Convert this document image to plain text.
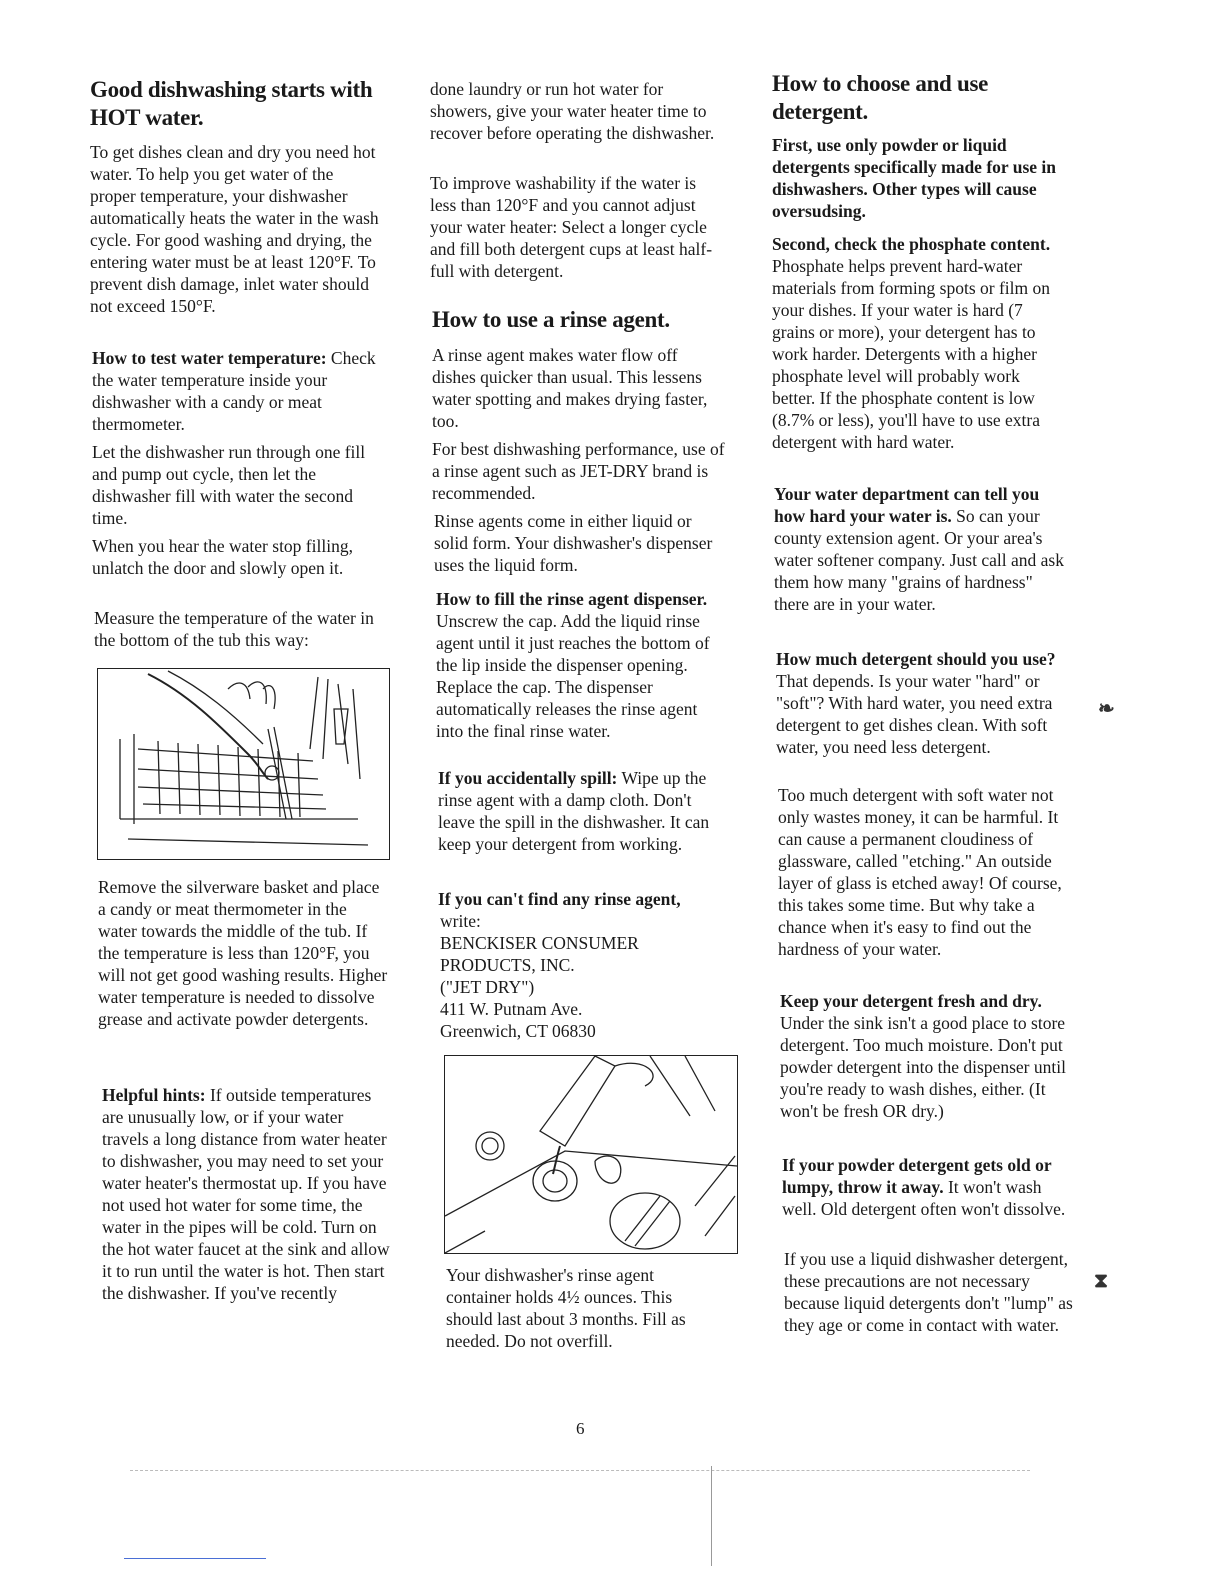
Good dishwashing starts with HOT water.

To get dishes clean and dry you need hot water. To help you get water of the proper temperature, your dishwasher automatically heats the water in the wash cycle. For good washing and drying, the entering water must be at least 120°F. To prevent dish damage, inlet water should not exceed 150°F.

How to test water temperature: Check the water temperature inside your dishwasher with a candy or meat thermometer.

Let the dishwasher run through one fill and pump out cycle, then let the dishwasher fill with water the second time.

When you hear the water stop filling, unlatch the door and slowly open it.

Measure the temperature of the water in the bottom of the tub this way:

Remove the silverware basket and place a candy or meat thermometer in the water towards the middle of the tub. If the temperature is less than 120°F, you will not get good washing results. Higher water temperature is needed to dissolve grease and activate powder detergents.

Helpful hints: If outside temperatures are unusually low, or if your water travels a long distance from water heater to dishwasher, you may need to set your water heater's thermostat up. If you have not used hot water for some time, the water in the pipes will be cold. Turn on the hot water faucet at the sink and allow it to run until the water is hot. Then start the dishwasher. If you've recently

done laundry or run hot water for showers, give your water heater time to recover before operating the dishwasher.

To improve washability if the water is less than 120°F and you cannot adjust your water heater: Select a longer cycle and fill both detergent cups at least half-full with detergent.

How to use a rinse agent.

A rinse agent makes water flow off dishes quicker than usual. This lessens water spotting and makes drying faster, too.

For best dishwashing performance, use of a rinse agent such as JET-DRY brand is recommended.

Rinse agents come in either liquid or solid form. Your dishwasher's dispenser uses the liquid form.

How to fill the rinse agent dispenser. Unscrew the cap. Add the liquid rinse agent until it just reaches the bottom of the lip inside the dispenser opening. Replace the cap. The dispenser automatically releases the rinse agent into the final rinse water.

If you accidentally spill: Wipe up the rinse agent with a damp cloth. Don't leave the spill in the dishwasher. It can keep your detergent from working.

If you can't find any rinse agent,

write:
BENCKISER CONSUMER
PRODUCTS, INC.
("JET DRY")
411 W. Putnam Ave.
Greenwich, CT 06830

Your dishwasher's rinse agent container holds 4½ ounces. This should last about 3 months. Fill as needed. Do not overfill.

How to choose and use detergent.

First, use only powder or liquid detergents specifically made for use in dishwashers. Other types will cause oversudsing.

Second, check the phosphate content. Phosphate helps prevent hard-water materials from forming spots or film on your dishes. If your water is hard (7 grains or more), your detergent has to work harder. Detergents with a higher phosphate level will probably work better. If the phosphate content is low (8.7% or less), you'll have to use extra detergent with hard water.

Your water department can tell you how hard your water is. So can your county extension agent. Or your area's water softener company. Just call and ask them how many "grains of hardness" there are in your water.

How much detergent should you use? That depends. Is your water "hard" or "soft"? With hard water, you need extra detergent to get dishes clean. With soft water, you need less detergent.

Too much detergent with soft water not only wastes money, it can be harmful. It can cause a permanent cloudiness of glassware, called "etching." An outside layer of glass is etched away! Of course, this takes some time. But why take a chance when it's easy to find out the hardness of your water.

Keep your detergent fresh and dry. Under the sink isn't a good place to store detergent. Too much moisture. Don't put powder detergent into the dispenser until you're ready to wash dishes, either. (It won't be fresh OR dry.)

If your powder detergent gets old or lumpy, throw it away. It won't wash well. Old detergent often won't dissolve.

If you use a liquid dishwasher detergent, these precautions are not necessary because liquid detergents don't "lump" as they age or come in contact with water.

❧
⧗
6
